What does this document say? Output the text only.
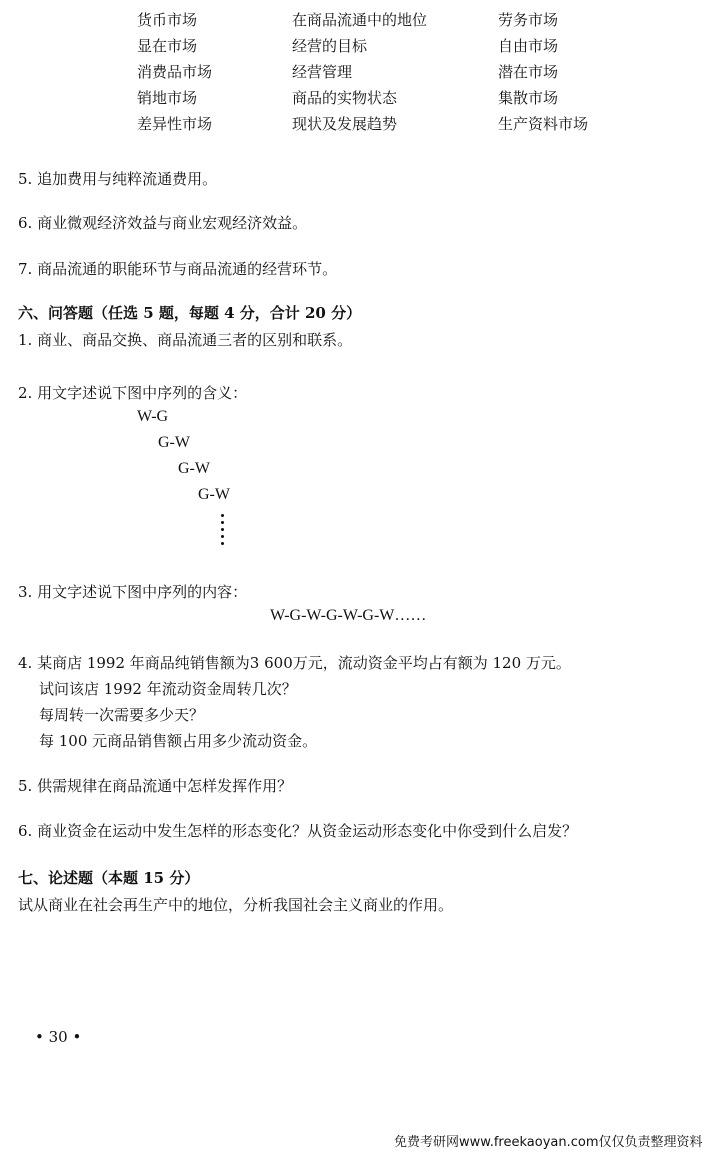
货币市场
显在市场
消费品市场
销地市场
差异性市场
在商品流通中的地位
经营的目标
经营管理
商品的实物状态
现状及发展趋势
劳务市场
自由市场
潜在市场
集散市场
生产资料市场
5. 追加费用与纯粹流通费用。
6. 商业微观经济效益与商业宏观经济效益。
7. 商品流通的职能环节与商品流通的经营环节。
六、问答题（任选 5 题，每题 4 分，合计 20 分）
1. 商业、商品交换、商品流通三者的区别和联系。
2. 用文字述说下图中序列的含义：
W-G
G-W
G-W
G-W
3. 用文字述说下图中序列的内容：
W-G-W-G-W-G-W……
4. 某商店 1992 年商品纯销售额为3 600万元，流动资金平均占有额为 120 万元。
试问该店 1992 年流动资金周转几次？
每周转一次需要多少天？
每 100 元商品销售额占用多少流动资金。
5. 供需规律在商品流通中怎样发挥作用？
6. 商业资金在运动中发生怎样的形态变化？从资金运动形态变化中你受到什么启发？
七、论述题（本题 15 分）
试从商业在社会再生产中的地位，分析我国社会主义商业的作用。
• 30 •
免费考研网www.freekaoyan.com仅仅负责整理资料
